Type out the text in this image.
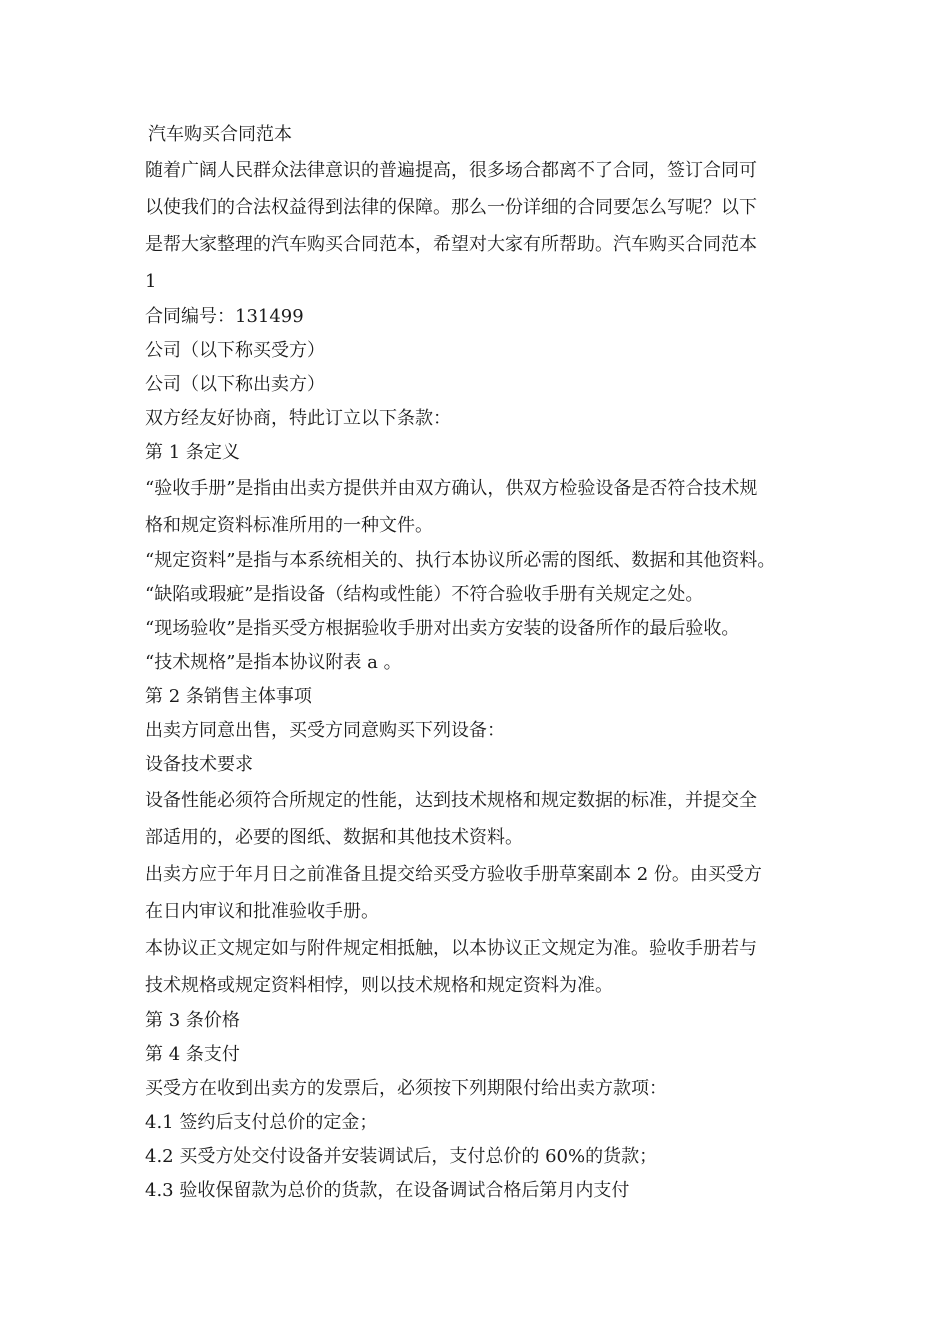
汽车购买合同范本
随着广阔人民群众法律意识的普遍提高，很多场合都离不了合同，签订合同可
以使我们的合法权益得到法律的保障。那么一份详细的合同要怎么写呢？以下
是帮大家整理的汽车购买合同范本，希望对大家有所帮助。汽车购买合同范本
1
合同编号：131499
公司（以下称买受方）
公司（以下称出卖方）
双方经友好协商，特此订立以下条款：
第 1 条定义
“验收手册”是指由出卖方提供并由双方确认，供双方检验设备是否符合技术规
格和规定资料标准所用的一种文件。
“规定资料”是指与本系统相关的、执行本协议所必需的图纸、数据和其他资料。
“缺陷或瑕疵”是指设备（结构或性能）不符合验收手册有关规定之处。
“现场验收”是指买受方根据验收手册对出卖方安装的设备所作的最后验收。
“技术规格”是指本协议附表 a 。
第 2 条销售主体事项
出卖方同意出售，买受方同意购买下列设备：
设备技术要求
设备性能必须符合所规定的性能，达到技术规格和规定数据的标准，并提交全
部适用的，必要的图纸、数据和其他技术资料。
出卖方应于年月日之前准备且提交给买受方验收手册草案副本 2 份。由买受方
在日内审议和批准验收手册。
本协议正文规定如与附件规定相抵触，以本协议正文规定为准。验收手册若与
技术规格或规定资料相悖，则以技术规格和规定资料为准。
第 3 条价格
第 4 条支付
买受方在收到出卖方的发票后，必须按下列期限付给出卖方款项：
4.1 签约后支付总价的定金；
4.2 买受方处交付设备并安装调试后，支付总价的 60%的货款；
4.3 验收保留款为总价的货款，在设备调试合格后第月内支付
